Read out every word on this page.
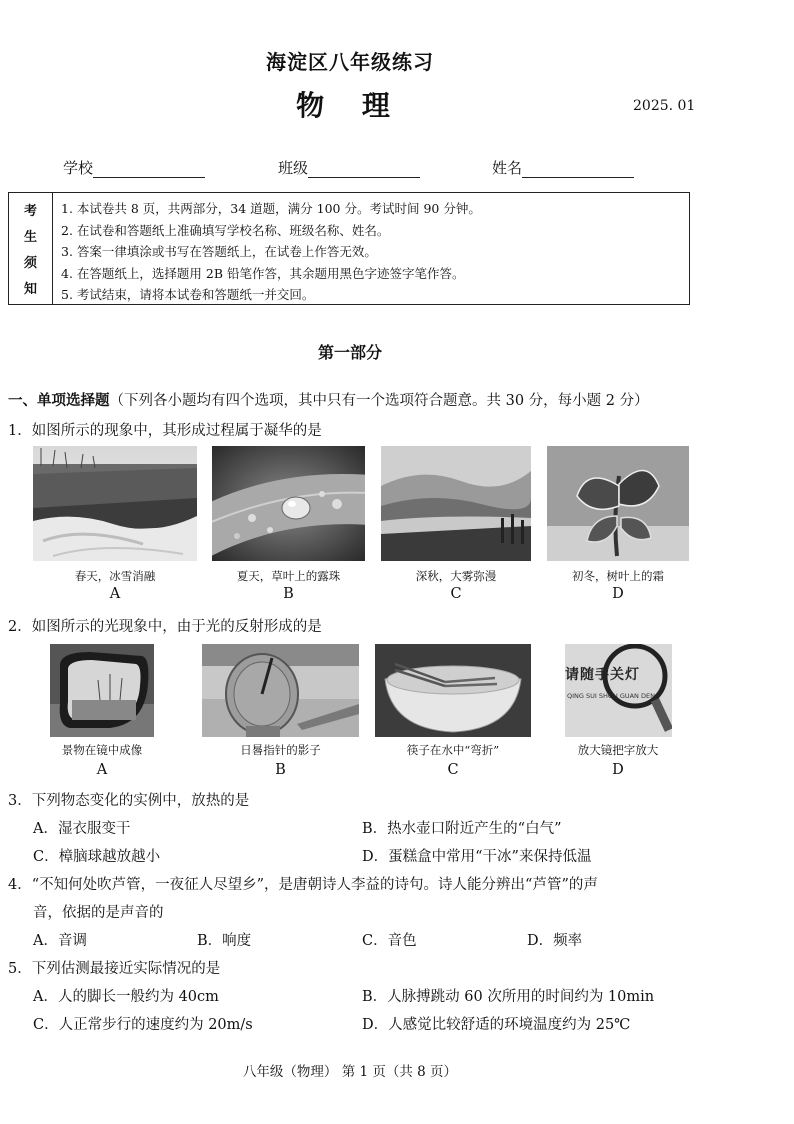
海淀区八年级练习
物 理	2025. 01
学校	班级	姓名
考
生
须
知
1. 本试卷共 8 页，共两部分，34 道题，满分 100 分。考试时间 90 分钟。
2. 在试卷和答题纸上准确填写学校名称、班级名称、姓名。
3. 答案一律填涂或书写在答题纸上，在试卷上作答无效。
4. 在答题纸上，选择题用 2B 铅笔作答，其余题用黑色字迹签字笔作答。
5. 考试结束，请将本试卷和答题纸一并交回。
第一部分
一、单项选择题（下列各小题均有四个选项，其中只有一个选项符合题意。共 30 分，每小题 2 分）
1．如图所示的现象中，其形成过程属于凝华的是
春天，冰雪消融	夏天，草叶上的露珠	深秋，大雾弥漫	初冬，树叶上的霜
A	B	C	D
2．如图所示的光现象中，由于光的反射形成的是
请随手关灯
QING SUI SHOU GUAN DENG
景物在镜中成像	日晷指针的影子	筷子在水中“弯折”	放大镜把字放大
A	B	C	D
3．下列物态变化的实例中，放热的是
A．湿衣服变干	B．热水壶口附近产生的“白气”
C．樟脑球越放越小	D．蛋糕盒中常用“干冰”来保持低温
4．“不知何处吹芦管，一夜征人尽望乡”，是唐朝诗人李益的诗句。诗人能分辨出“芦管”的声
音，依据的是声音的
A．音调	B．响度	C．音色	D．频率
5．下列估测最接近实际情况的是
A．人的脚长一般约为 40cm	B．人脉搏跳动 60 次所用的时间约为 10min
C．人正常步行的速度约为 20m/s	D．人感觉比较舒适的环境温度约为 25℃
八年级（物理） 第 1 页（共 8 页）
